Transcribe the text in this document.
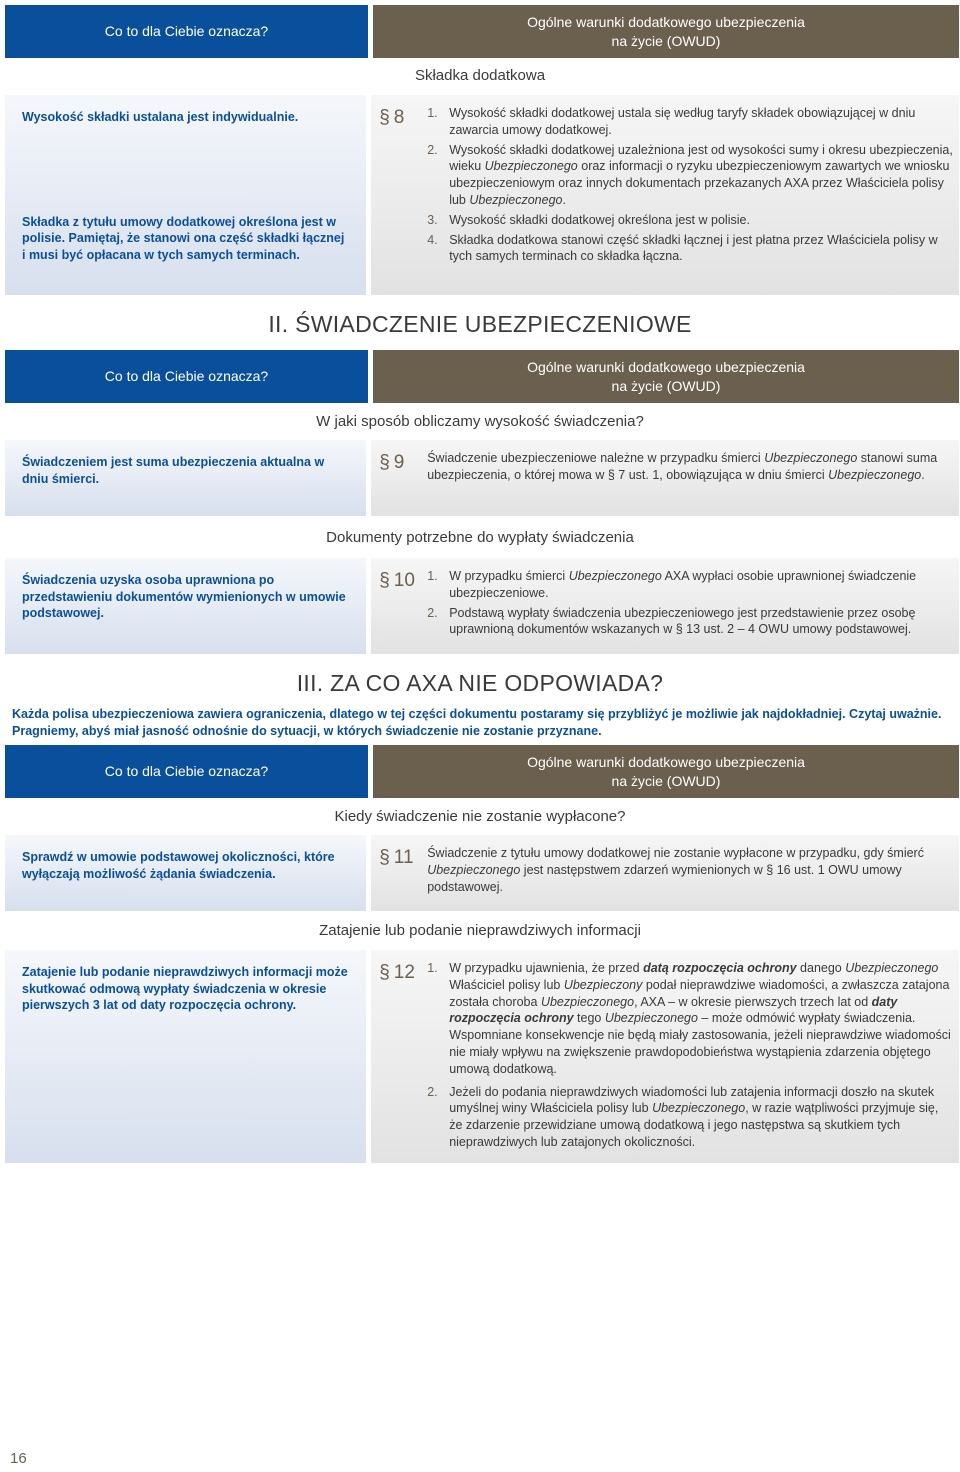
Co to dla Ciebie oznacza?
Ogólne warunki dodatkowego ubezpieczenia
na życie (OWUD)
Składka dodatkowa
Wysokość składki ustalana jest indywidualnie.
Składka z tytułu umowy dodatkowej określona jest w polisie. Pamiętaj, że stanowi ona część składki łącznej i musi być opłacana w tych samych terminach.
§ 8	1. Wysokość składki dodatkowej ustala się według taryfy składek obowiązującej w dniu zawarcia umowy dodatkowej.
2. Wysokość składki dodatkowej uzależniona jest od wysokości sumy i okresu ubezpieczenia, wieku Ubezpieczonego oraz informacji o ryzyku ubezpieczeniowym zawartych we wniosku ubezpieczeniowym oraz innych dokumentach przekazanych AXA przez Właściciela polisy lub Ubezpieczonego.
3. Wysokość składki dodatkowej określona jest w polisie.
4. Składka dodatkowa stanowi część składki łącznej i jest płatna przez Właściciela polisy w tych samych terminach co składka łączna.
II. ŚWIADCZENIE UBEZPIECZENIOWE
Co to dla Ciebie oznacza?
Ogólne warunki dodatkowego ubezpieczenia
na życie (OWUD)
W jaki sposób obliczamy wysokość świadczenia?
Świadczeniem jest suma ubezpieczenia aktualna w dniu śmierci.
§ 9	Świadczenie ubezpieczeniowe należne w przypadku śmierci Ubezpieczonego stanowi suma ubezpieczenia, o której mowa w § 7 ust. 1, obowiązująca w dniu śmierci Ubezpieczonego.
Dokumenty potrzebne do wypłaty świadczenia
Świadczenia uzyska osoba uprawniona po przedstawieniu dokumentów wymienionych w umowie podstawowej.
§ 10 1. W przypadku śmierci Ubezpieczonego AXA wypłaci osobie uprawnionej świadczenie ubezpieczeniowe.
2. Podstawą wypłaty świadczenia ubezpieczeniowego jest przedstawienie przez osobę uprawnioną dokumentów wskazanych w § 13 ust. 2 – 4 OWU umowy podstawowej.
III. ZA CO AXA NIE ODPOWIADA?
Każda polisa ubezpieczeniowa zawiera ograniczenia, dlatego w tej części dokumentu postaramy się przybliżyć je możliwie jak najdokładniej. Czytaj uważnie. Pragniemy, abyś miał jasność odnośnie do sytuacji, w których świadczenie nie zostanie przyznane.
Co to dla Ciebie oznacza?
Ogólne warunki dodatkowego ubezpieczenia
na życie (OWUD)
Kiedy świadczenie nie zostanie wypłacone?
Sprawdź w umowie podstawowej okoliczności, które wyłączają możliwość żądania świadczenia.
§ 11	Świadczenie z tytułu umowy dodatkowej nie zostanie wypłacone w przypadku, gdy śmierć Ubezpieczonego jest następstwem zdarzeń wymienionych w § 16 ust. 1 OWU umowy podstawowej.
Zatajenie lub podanie nieprawdziwych informacji
Zatajenie lub podanie nieprawdziwych informacji może skutkować odmową wypłaty świadczenia w okresie pierwszych 3 lat od daty rozpoczęcia ochrony.
§ 12 1. W przypadku ujawnienia, że przed datą rozpoczęcia ochrony danego Ubezpieczonego Właściciel polisy lub Ubezpieczony podał nieprawdziwe wiadomości, a zwłaszcza zatajona została choroba Ubezpieczonego, AXA – w okresie pierwszych trzech lat od daty rozpoczęcia ochrony tego Ubezpieczonego – może odmówić wypłaty świadczenia. Wspomniane konsekwencje nie będą miały zastosowania, jeżeli nieprawdziwe wiadomości nie miały wpływu na zwiększenie prawdopodobieństwa wystąpienia zdarzenia objętego umową dodatkową.
2. Jeżeli do podania nieprawdziwych wiadomości lub zatajenia informacji doszło na skutek umyślnej winy Właściciela polisy lub Ubezpieczonego, w razie wątpliwości przyjmuje się, że zdarzenie przewidziane umową dodatkową i jego następstwa są skutkiem tych nieprawdziwych lub zatajonych okoliczności.
16
